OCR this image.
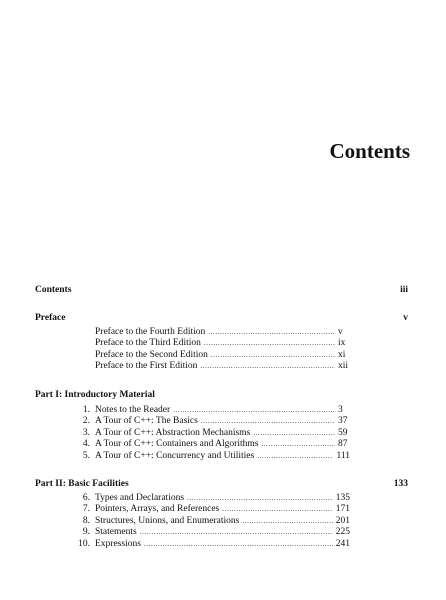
Contents
Contents	iii
Preface	v
Preface to the Fourth Edition .....	v
Preface to the Third Edition .....	ix
Preface to the Second Edition .....	xi
Preface to the First Edition .....	xii
Part I: Introductory Material
1. Notes to the Reader .....	3
2. A Tour of C++: The Basics .....	37
3. A Tour of C++: Abstraction Mechanisms .....	59
4. A Tour of C++: Containers and Algorithms .....	87
5. A Tour of C++: Concurrency and Utilities .....	111
Part II: Basic Facilities	133
6. Types and Declarations .....	135
7. Pointers, Arrays, and References .....	171
8. Structures, Unions, and Enumerations .....	201
9. Statements .....	225
10. Expressions .....	241
